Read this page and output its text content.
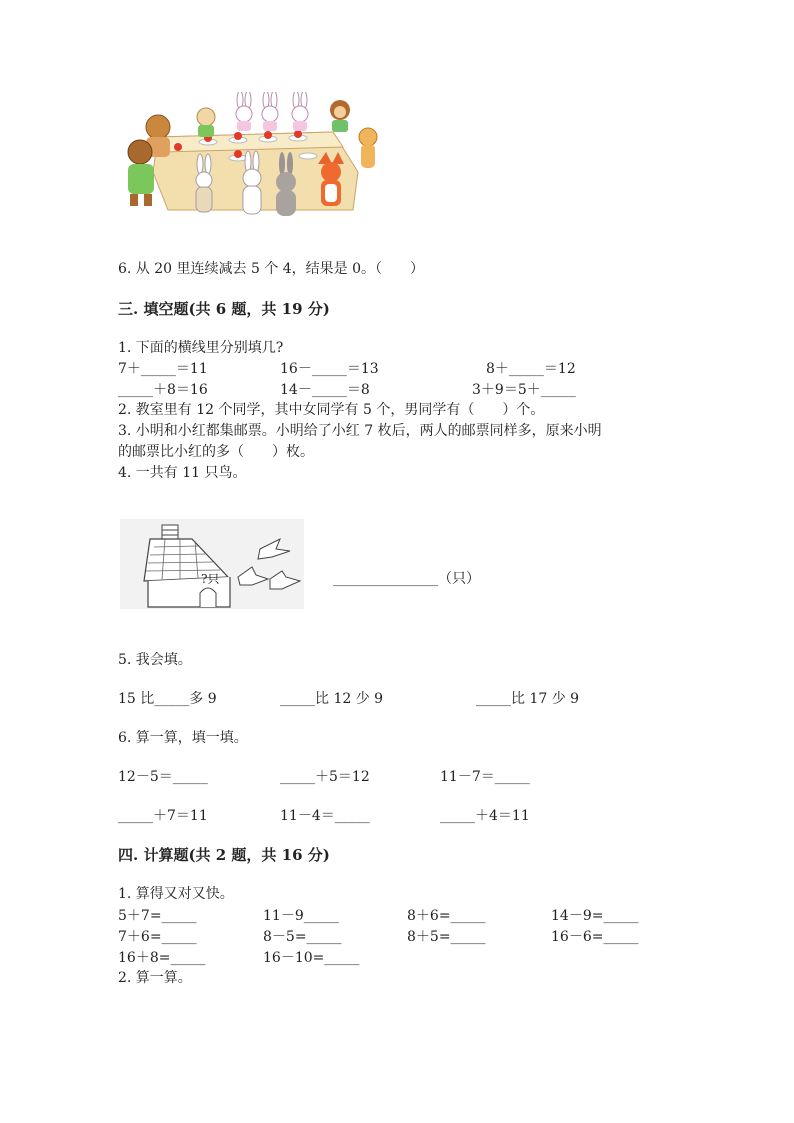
6. 从 20 里连续减去 5 个 4，结果是 0。（　　）
三. 填空题(共 6 题，共 19 分)
1. 下面的横线里分别填几?
7＋_____＝11	16－_____＝13	8＋_____＝12
_____＋8＝16	14－_____＝8	3＋9＝5＋_____
2. 教室里有 12 个同学，其中女同学有 5 个，男同学有（　　）个。
3. 小明和小红都集邮票。小明给了小红 7 枚后，两人的邮票同样多，原来小明
的邮票比小红的多（　　）枚。
4. 一共有 11 只鸟。
?只	_______________（只）
5. 我会填。
15 比_____多 9	_____比 12 少 9	_____比 17 少 9
6. 算一算，填一填。
12－5＝_____	_____＋5＝12	11－7＝_____
_____＋7＝11	11－4＝_____	_____＋4＝11
四. 计算题(共 2 题，共 16 分)
1. 算得又对又快。
5＋7=_____	11－9_____	8＋6=_____	14－9=_____
7＋6=_____	8－5=_____	8＋5=_____	16－6=_____
16＋8=_____	16－10=_____
2. 算一算。
